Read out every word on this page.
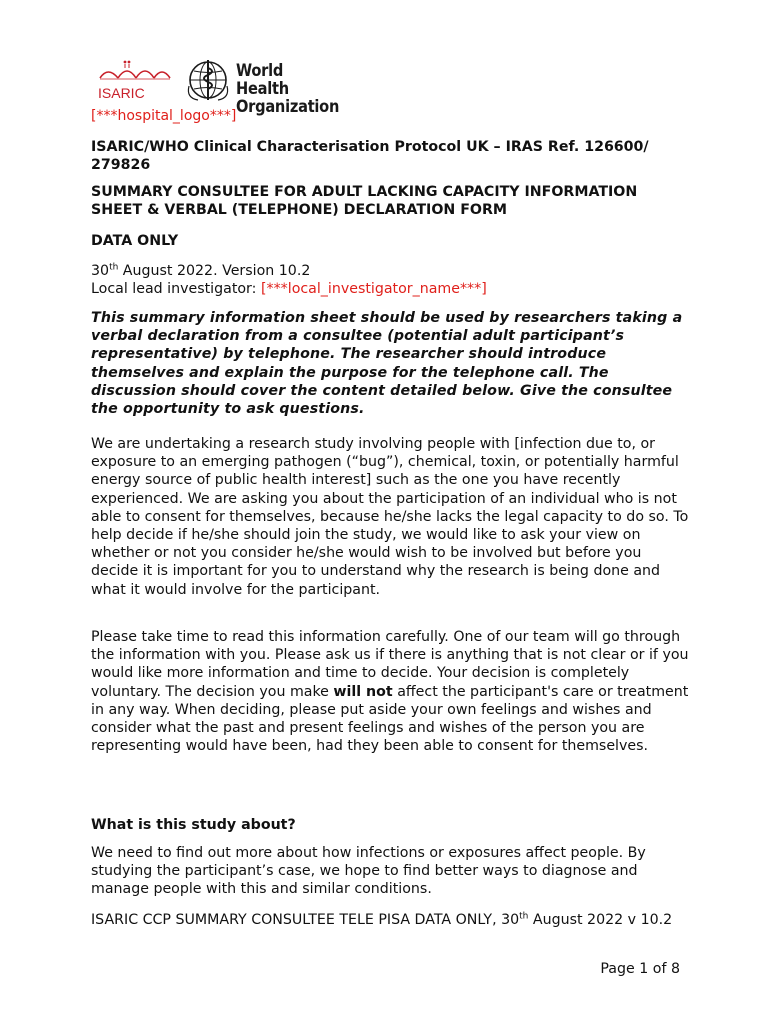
ISARIC
World Health
Organization
[***hospital_logo***]
ISARIC/WHO Clinical Characterisation Protocol UK – IRAS Ref. 126600/ 279826
SUMMARY CONSULTEE FOR ADULT LACKING CAPACITY INFORMATION SHEET & VERBAL (TELEPHONE) DECLARATION FORM
DATA ONLY
30th August 2022. Version 10.2
Local lead investigator: [***local_investigator_name***]

This summary information sheet should be used by researchers taking a verbal declaration from a consultee (potential adult participant’s representative) by telephone. The researcher should introduce themselves and explain the purpose for the telephone call. The discussion should cover the content detailed below. Give the consultee the opportunity to ask questions.

We are undertaking a research study involving people with [infection due to, or exposure to an emerging pathogen (“bug”), chemical, toxin, or potentially harmful energy source of public health interest] such as the one you have recently experienced. We are asking you about the participation of an individual who is not able to consent for themselves, because he/she lacks the legal capacity to do so. To help decide if he/she should join the study, we would like to ask your view on whether or not you consider he/she would wish to be involved but before you decide it is important for you to understand why the research is being done and what it would involve for the participant.

Please take time to read this information carefully. One of our team will go through the information with you. Please ask us if there is anything that is not clear or if you would like more information and time to decide. Your decision is completely voluntary. The decision you make will not affect the participant's care or treatment in any way. When deciding, please put aside your own feelings and wishes and consider what the past and present feelings and wishes of the person you are representing would have been, had they been able to consent for themselves.

What is this study about?

We need to find out more about how infections or exposures affect people. By studying the participant’s case, we hope to find better ways to diagnose and manage people with this and similar conditions.

ISARIC CCP SUMMARY CONSULTEE TELE PISA DATA ONLY, 30th August 2022 v 10.2
Page 1 of 8
